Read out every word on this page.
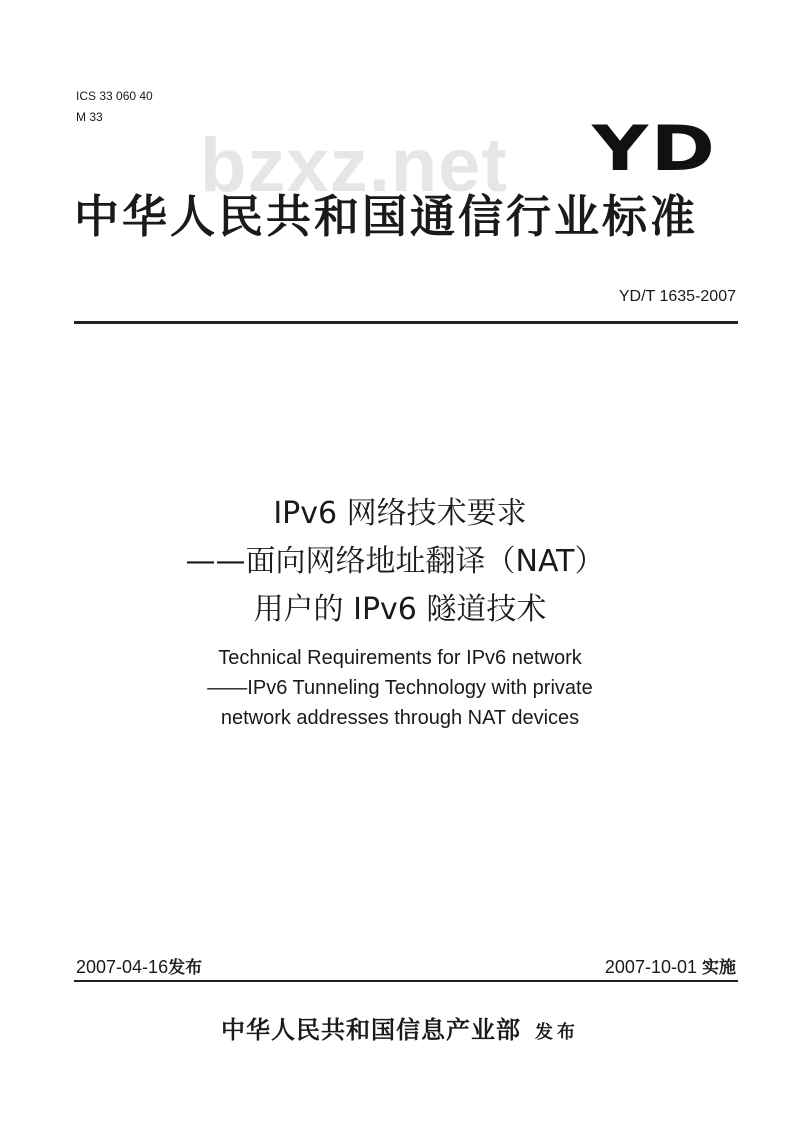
ICS 33 060 40
M 33
bzxz.net YD
中华人民共和国通信行业标准
YD/T 1635-2007
IPv6 网络技术要求
——面向网络地址翻译（NAT）
用户的 IPv6 隧道技术
Technical Requirements for IPv6 network
——IPv6 Tunneling Technology with private
network addresses through NAT devices
2007-04-16发布	2007-10-01 实施
中华人民共和国信息产业部 发布
